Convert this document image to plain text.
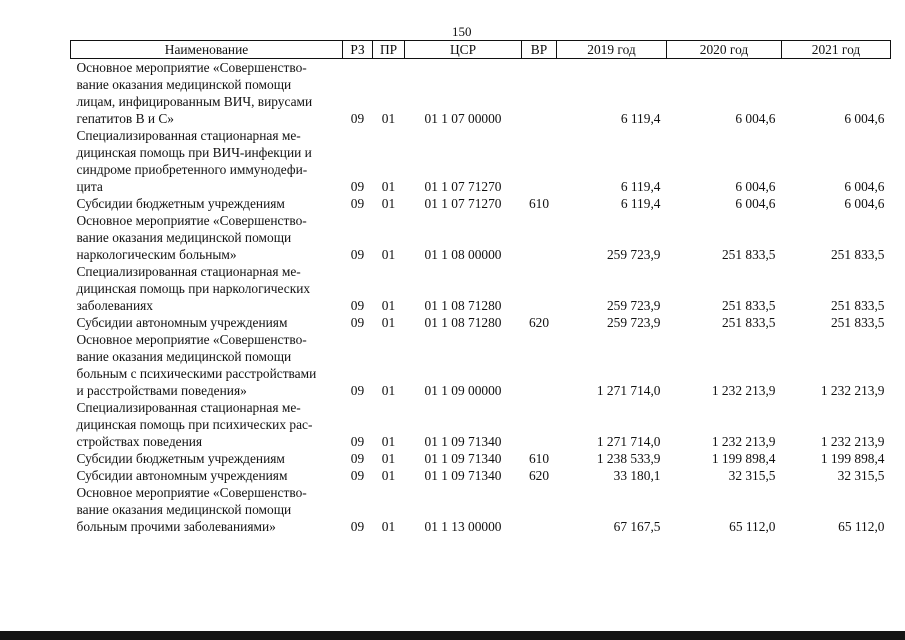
150
Наименование	РЗ	ПР	ЦСР	ВР	2019 год	2020 год	2021 год
Основное мероприятие «Совершенство-
вание оказания медицинской помощи
лицам, инфицированным ВИЧ, вирусами
гепатитов В и С»	09	01	01 1 07 00000		6 119,4	6 004,6	6 004,6
Специализированная стационарная ме-
дицинская помощь при ВИЧ-инфекции и
синдроме приобретенного иммунодефи-
цита	09	01	01 1 07 71270		6 119,4	6 004,6	6 004,6
Субсидии бюджетным учреждениям	09	01	01 1 07 71270	610	6 119,4	6 004,6	6 004,6
Основное мероприятие «Совершенство-
вание оказания медицинской помощи
наркологическим больным»	09	01	01 1 08 00000		259 723,9	251 833,5	251 833,5
Специализированная стационарная ме-
дицинская помощь при наркологических
заболеваниях	09	01	01 1 08 71280		259 723,9	251 833,5	251 833,5
Субсидии автономным учреждениям	09	01	01 1 08 71280	620	259 723,9	251 833,5	251 833,5
Основное мероприятие «Совершенство-
вание оказания медицинской помощи
больным с психическими расстройствами
и расстройствами поведения»	09	01	01 1 09 00000		1 271 714,0	1 232 213,9	1 232 213,9
Специализированная стационарная ме-
дицинская помощь при психических рас-
стройствах поведения	09	01	01 1 09 71340		1 271 714,0	1 232 213,9	1 232 213,9
Субсидии бюджетным учреждениям	09	01	01 1 09 71340	610	1 238 533,9	1 199 898,4	1 199 898,4
Субсидии автономным учреждениям	09	01	01 1 09 71340	620	33 180,1	32 315,5	32 315,5
Основное мероприятие «Совершенство-
вание оказания медицинской помощи
больным прочими заболеваниями»	09	01	01 1 13 00000		67 167,5	65 112,0	65 112,0
